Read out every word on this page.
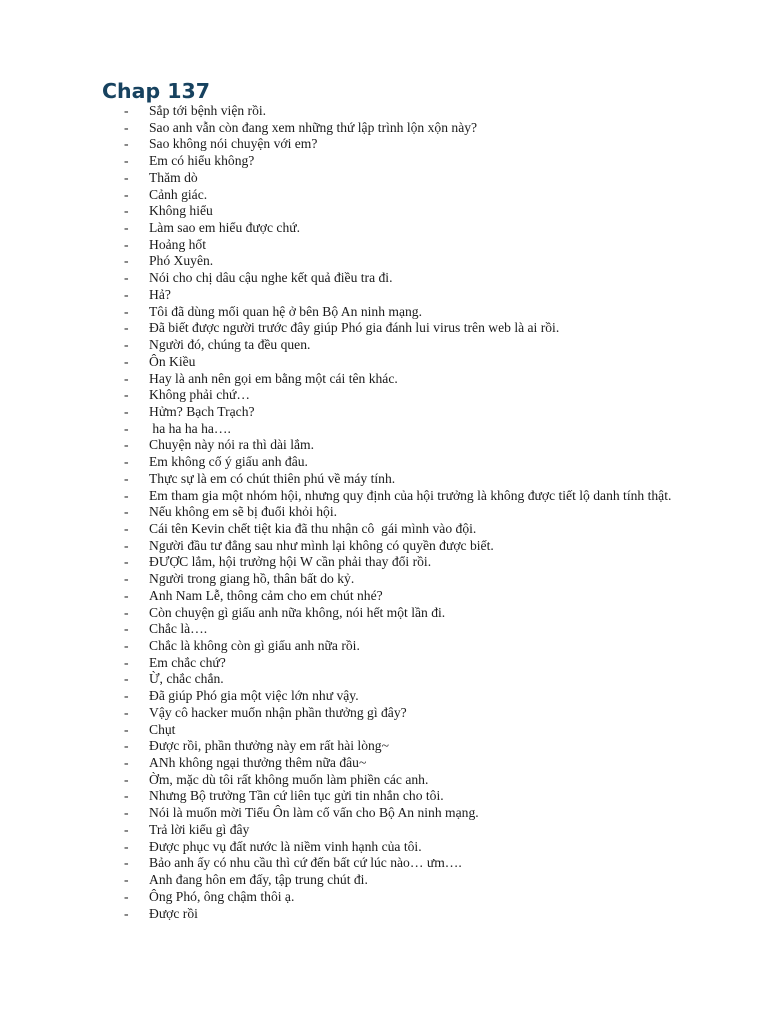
Chap 137
- Sắp tới bệnh viện rồi.
- Sao anh vẫn còn đang xem những thứ lập trình lộn xộn này?
- Sao không nói chuyện với em?
- Em có hiểu không?
- Thăm dò
- Cảnh giác.
- Không hiểu
- Làm sao em hiểu được chứ.
- Hoảng hốt
- Phó Xuyên.
- Nói cho chị dâu cậu nghe kết quả điều tra đi.
- Hả?
- Tôi đã dùng mối quan hệ ở bên Bộ An ninh mạng.
- Đã biết được người trước đây giúp Phó gia đánh lui virus trên web là ai rồi.
- Người đó, chúng ta đều quen.
- Ôn Kiều
- Hay là anh nên gọi em bằng một cái tên khác.
- Không phải chứ…
- Hửm? Bạch Trạch?
- ha ha ha ha….
- Chuyện này nói ra thì dài lắm.
- Em không cố ý giấu anh đâu.
- Thực sự là em có chút thiên phú về máy tính.
- Em tham gia một nhóm hội, nhưng quy định của hội trưởng là không được tiết lộ danh tính thật.
- Nếu không em sẽ bị đuổi khỏi hội.
- Cái tên Kevin chết tiệt kia đã thu nhận cô  gái mình vào đội.
- Người đầu tư đẳng sau như mình lại không có quyền được biết.
- ĐƯỢC lắm, hội trưởng hội W cần phải thay đổi rồi.
- Người trong giang hồ, thân bất do kỷ.
- Anh Nam Lễ, thông cảm cho em chút nhé?
- Còn chuyện gì giấu anh nữa không, nói hết một lần đi.
- Chắc là….
- Chắc là không còn gì giấu anh nữa rồi.
- Em chắc chứ?
- Ừ, chắc chắn.
- Đã giúp Phó gia một việc lớn như vậy.
- Vậy cô hacker muốn nhận phần thưởng gì đây?
- Chụt
- Được rồi, phần thưởng này em rất hài lòng~
- ANh không ngại thưởng thêm nữa đâu~
- Ờm, mặc dù tôi rất không muốn làm phiền các anh.
- Nhưng Bộ trưởng Tần cứ liên tục gửi tin nhắn cho tôi.
- Nói là muốn mời Tiểu Ôn làm cố vấn cho Bộ An ninh mạng.
- Trả lời kiểu gì đây
- Được phục vụ đất nước là niềm vinh hạnh của tôi.
- Bảo anh ấy có nhu cầu thì cứ đến bất cứ lúc nào… ưm….
- Anh đang hôn em đấy, tập trung chút đi.
- Ông Phó, ông chậm thôi ạ.
- Được rồi
